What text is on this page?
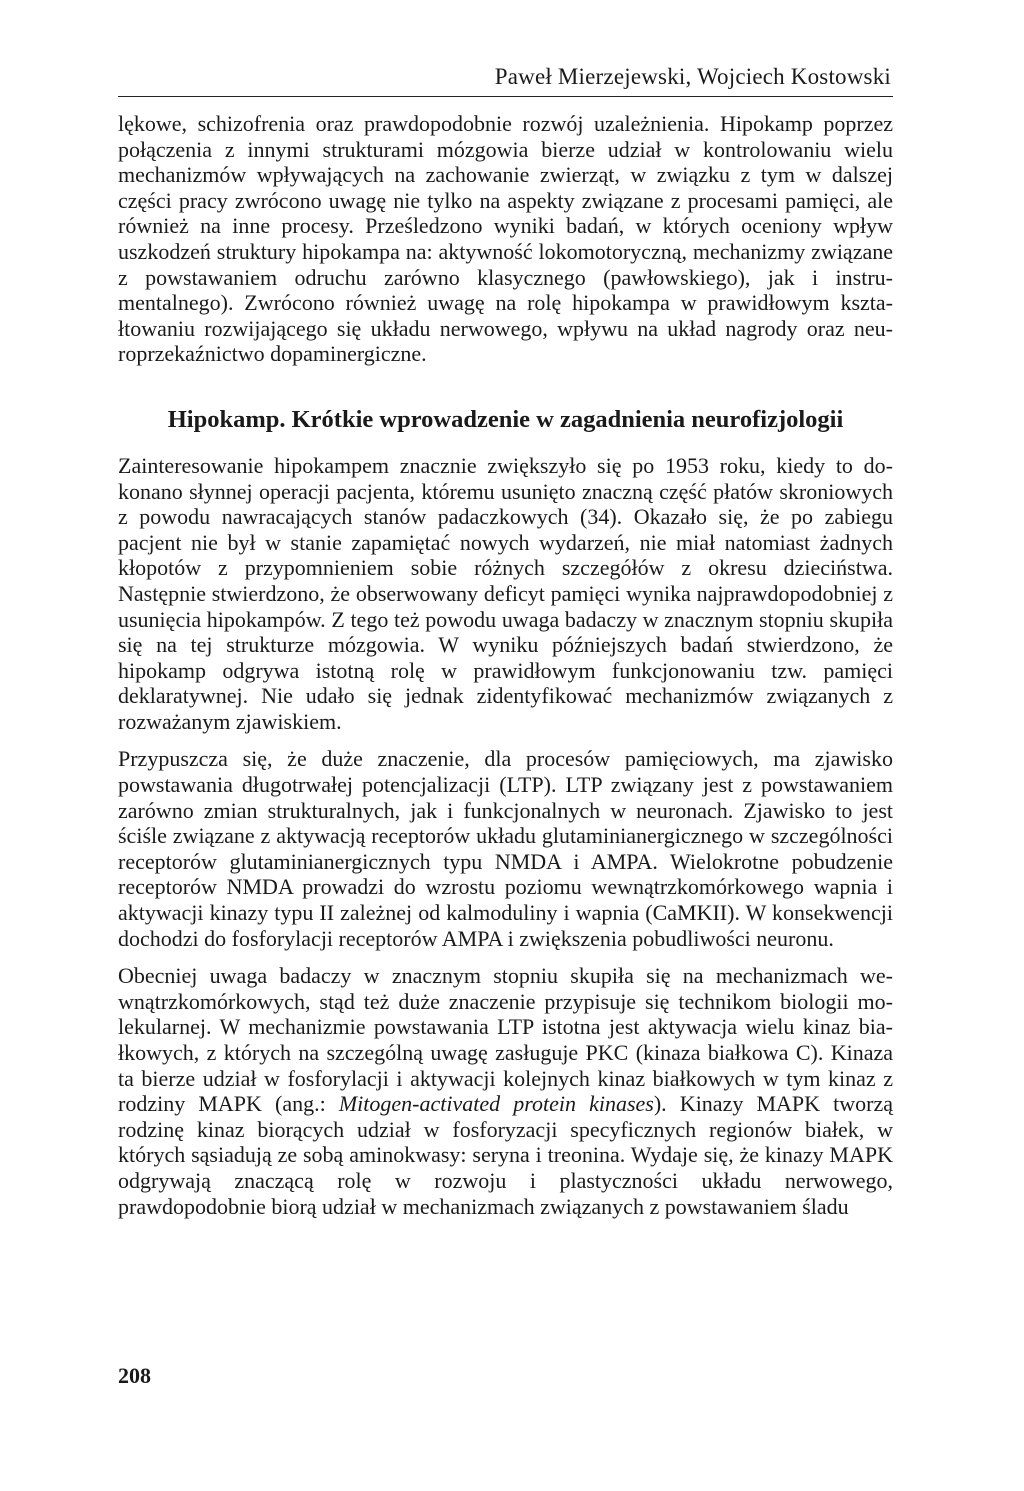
Paweł Mierzejewski, Wojciech Kostowski

lękowe, schizofrenia oraz prawdopodobnie rozwój uzależnienia. Hipokamp poprzez połączenia z innymi strukturami mózgowia bierze udział w kontrolowaniu wielu mechanizmów wpływających na zachowanie zwierząt, w związku z tym w dalszej części pracy zwrócono uwagę nie tylko na aspekty związane z procesami pamięci, ale również na inne procesy. Prześledzono wyniki badań, w których oceniony wpływ uszkodzeń struktury hipokampa na: aktywność lokomotoryczną, mechanizmy związane z powstawaniem odruchu zarówno klasycznego (pawłowskiego), jak i instrumentalnego). Zwrócono również uwagę na rolę hipokampa w prawidłowym kształtowaniu rozwijającego się układu nerwowego, wpływu na układ nagrody oraz neuroprzekaźnictwo dopaminergiczne.

Hipokamp. Krótkie wprowadzenie w zagadnienia neurofizjologii

Zainteresowanie hipokampem znacznie zwiększyło się po 1953 roku, kiedy to dokonano słynnej operacji pacjenta, któremu usunięto znaczną część płatów skroniowych z powodu nawracających stanów padaczkowych (34). Okazało się, że po zabiegu pacjent nie był w stanie zapamiętać nowych wydarzeń, nie miał natomiast żadnych kłopotów z przypomnieniem sobie różnych szczegółów z okresu dzieciństwa. Następnie stwierdzono, że obserwowany deficyt pamięci wynika najprawdopodobniej z usunięcia hipokampów. Z tego też powodu uwaga badaczy w znacznym stopniu skupiła się na tej strukturze mózgowia. W wyniku późniejszych badań stwierdzono, że hipokamp odgrywa istotną rolę w prawidłowym funkcjonowaniu tzw. pamięci deklaratywnej. Nie udało się jednak zidentyfikować mechanizmów związanych z rozważanym zjawiskiem.

Przypuszcza się, że duże znaczenie, dla procesów pamięciowych, ma zjawisko powstawania długotrwałej potencjalizacji (LTP). LTP związany jest z powstawaniem zarówno zmian strukturalnych, jak i funkcjonalnych w neuronach. Zjawisko to jest ściśle związane z aktywacją receptorów układu glutaminianergicznego w szczególności receptorów glutaminianergicznych typu NMDA i AMPA. Wielokrotne pobudzenie receptorów NMDA prowadzi do wzrostu poziomu wewnątrzkomórkowego wapnia i aktywacji kinazy typu II zależnej od kalmoduliny i wapnia (CaMKII). W konsekwencji dochodzi do fosforylacji receptorów AMPA i zwiększenia pobudliwości neuronu.

Obecniej uwaga badaczy w znacznym stopniu skupiła się na mechanizmach wewnątrzkomórkowych, stąd też duże znaczenie przypisuje się technikom biologii molekularnej. W mechanizmie powstawania LTP istotna jest aktywacja wielu kinaz białkowych, z których na szczególną uwagę zasługuje PKC (kinaza białkowa C). Kinaza ta bierze udział w fosforylacji i aktywacji kolejnych kinaz białkowych w tym kinaz z rodziny MAPK (ang.: Mitogen-activated protein kinases). Kinazy MAPK tworzą rodzinę kinaz biorących udział w fosforyzacji specyficznych regionów białek, w których sąsiadują ze sobą aminokwasy: seryna i treonina. Wydaje się, że kinazy MAPK odgrywają znaczącą rolę w rozwoju i plastyczności układu nerwowego, prawdopodobnie biorą udział w mechanizmach związanych z powstawaniem śladu

208
